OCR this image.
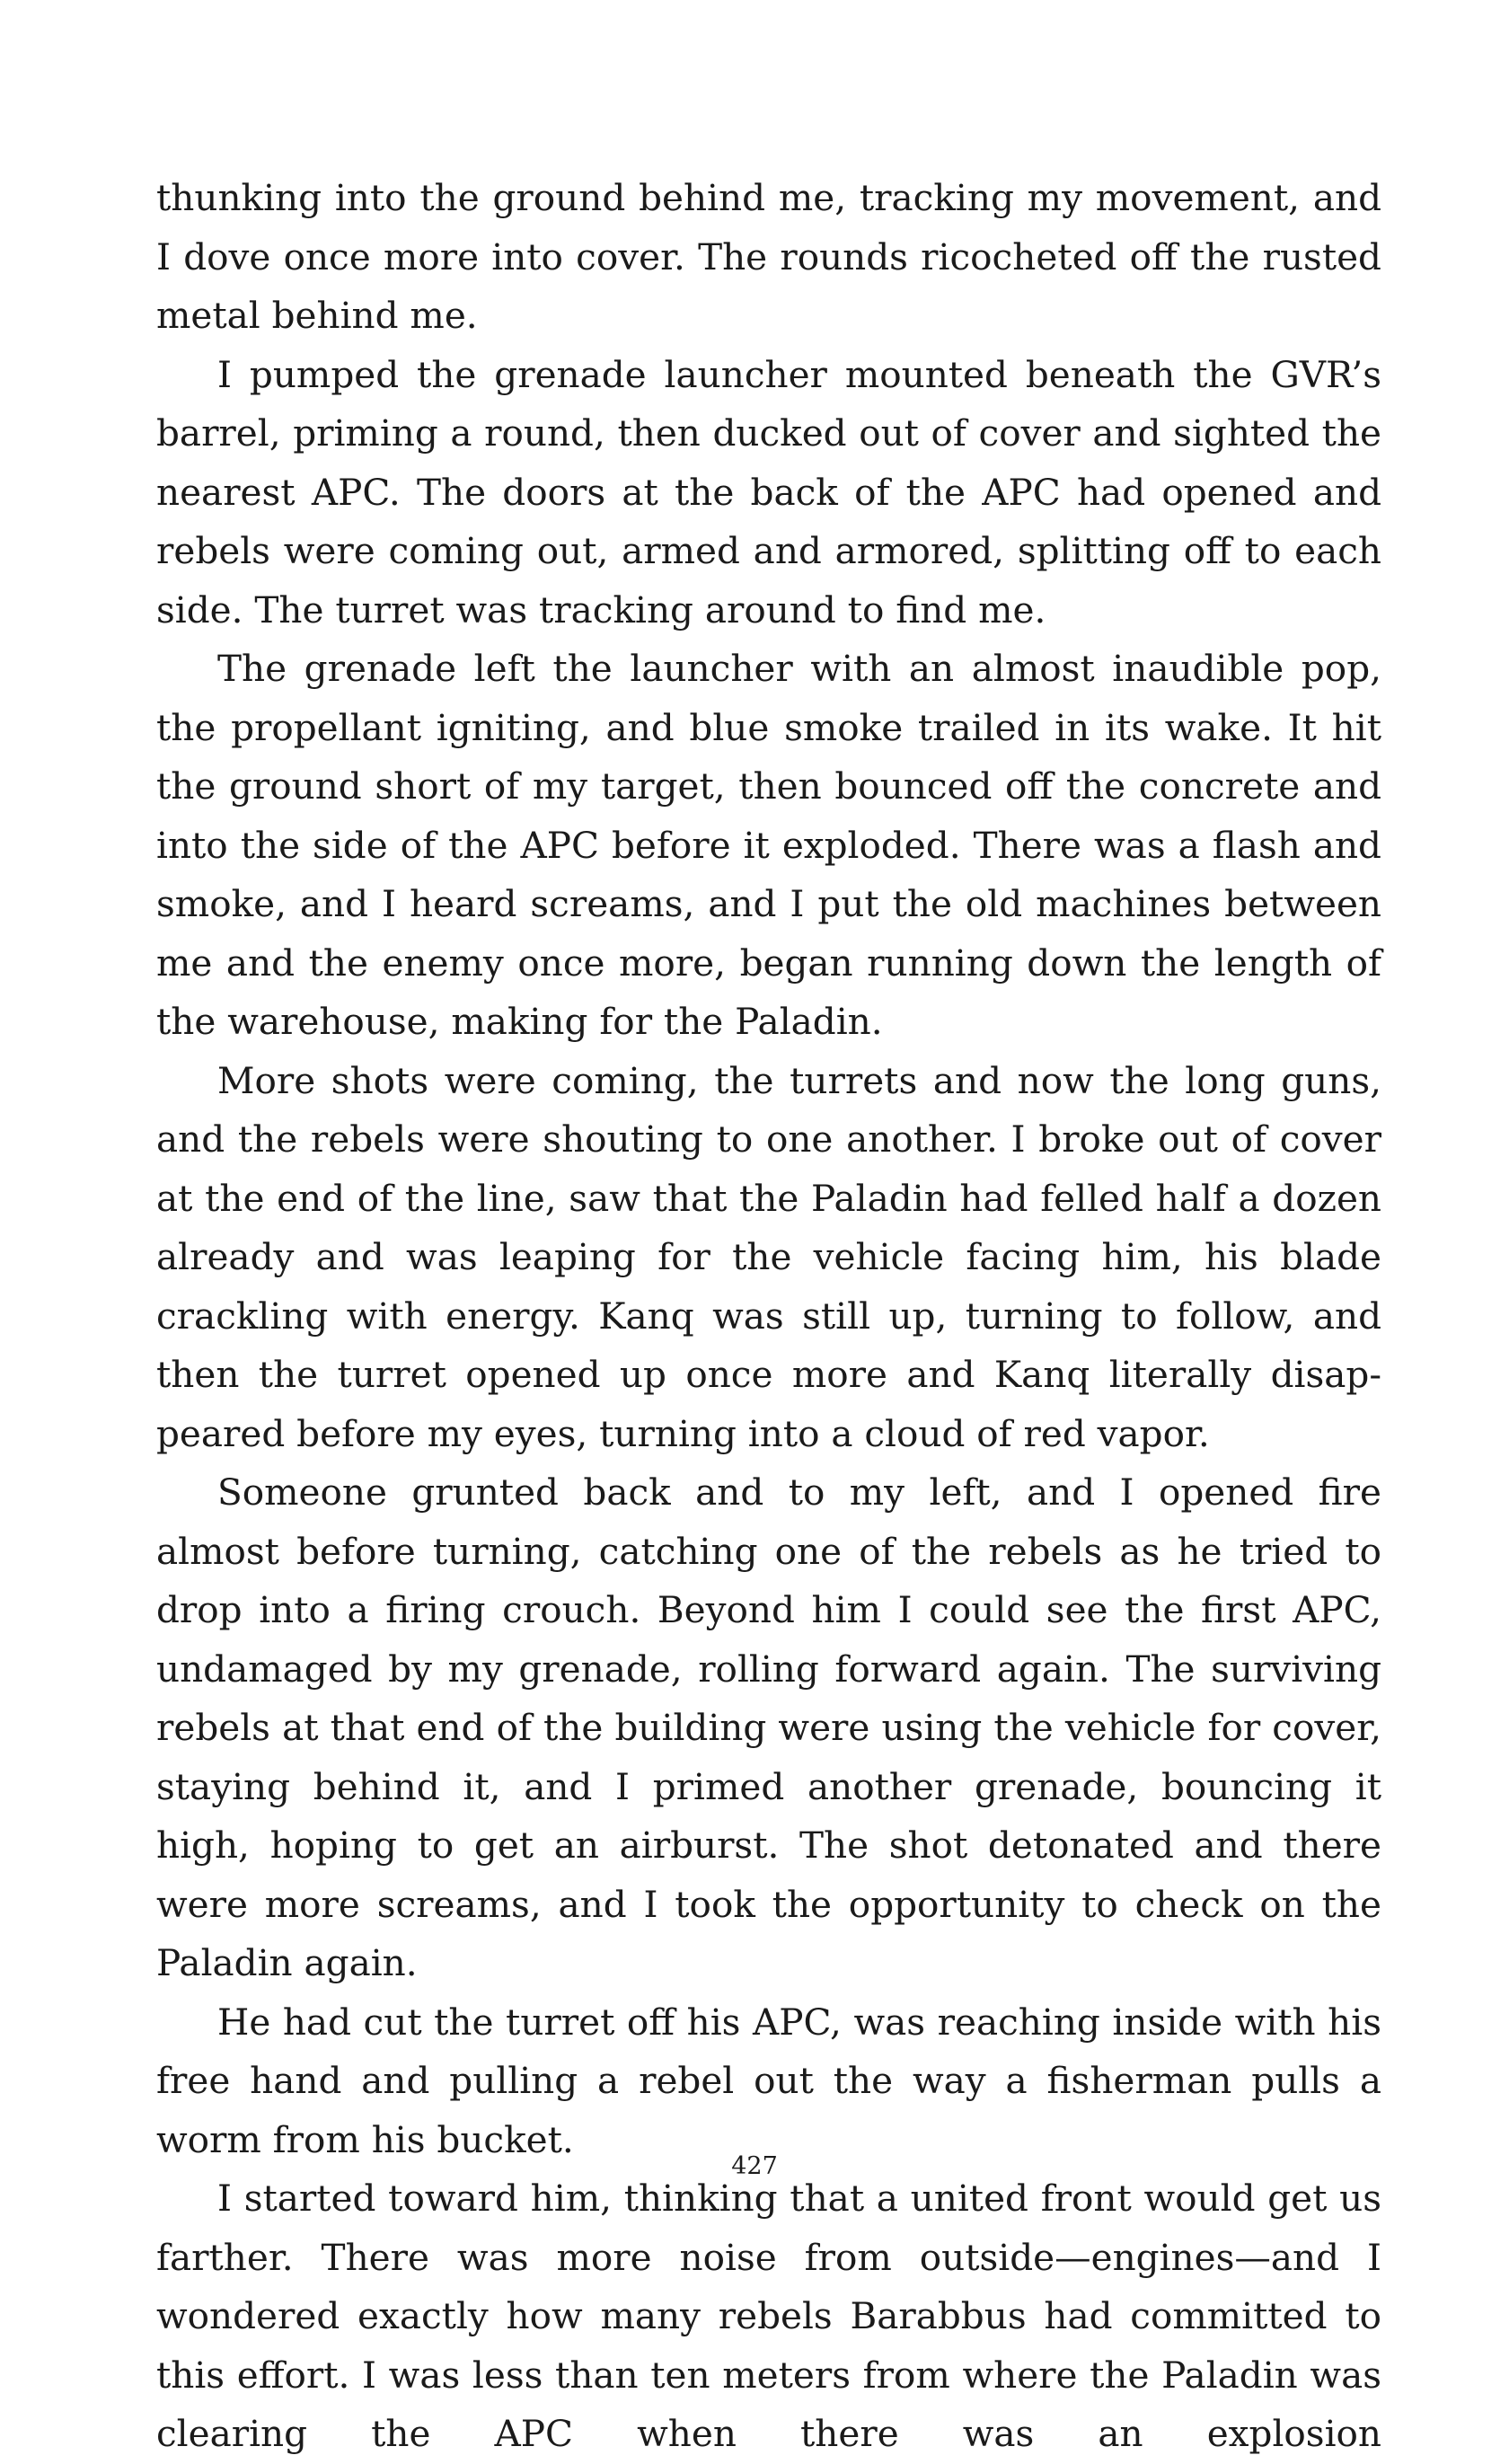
thunking into the ground behind me, tracking my movement, and I dove once more into cover. The rounds ricocheted off the rusted metal behind me.

I pumped the grenade launcher mounted beneath the GVR’s barrel, priming a round, then ducked out of cover and sighted the nearest APC. The doors at the back of the APC had opened and rebels were coming out, armed and armored, splitting off to each side. The turret was tracking around to find me.

The grenade left the launcher with an almost inaudible pop, the propellant igniting, and blue smoke trailed in its wake. It hit the ground short of my target, then bounced off the concrete and into the side of the APC before it exploded. There was a flash and smoke, and I heard screams, and I put the old machines between me and the enemy once more, began running down the length of the warehouse, making for the Paladin.

More shots were coming, the turrets and now the long guns, and the rebels were shouting to one another. I broke out of cover at the end of the line, saw that the Paladin had felled half a dozen already and was leaping for the vehicle facing him, his blade crackling with energy. Kanq was still up, turning to follow, and then the turret opened up once more and Kanq literally disappeared before my eyes, turning into a cloud of red vapor.

Someone grunted back and to my left, and I opened fire almost before turning, catching one of the rebels as he tried to drop into a firing crouch. Beyond him I could see the first APC, undamaged by my grenade, rolling forward again. The surviving rebels at that end of the building were using the vehicle for cover, staying behind it, and I primed another grenade, bouncing it high, hoping to get an airburst. The shot detonated and there were more screams, and I took the opportunity to check on the Paladin again.

He had cut the turret off his APC, was reaching inside with his free hand and pulling a rebel out the way a fisherman pulls a worm from his bucket.

I started toward him, thinking that a united front would get us farther. There was more noise from outside—engines—and I wondered exactly how many rebels Barabbus had committed to this effort. I was less than ten meters from where the Paladin was clearing the APC when there was an explosion

427
